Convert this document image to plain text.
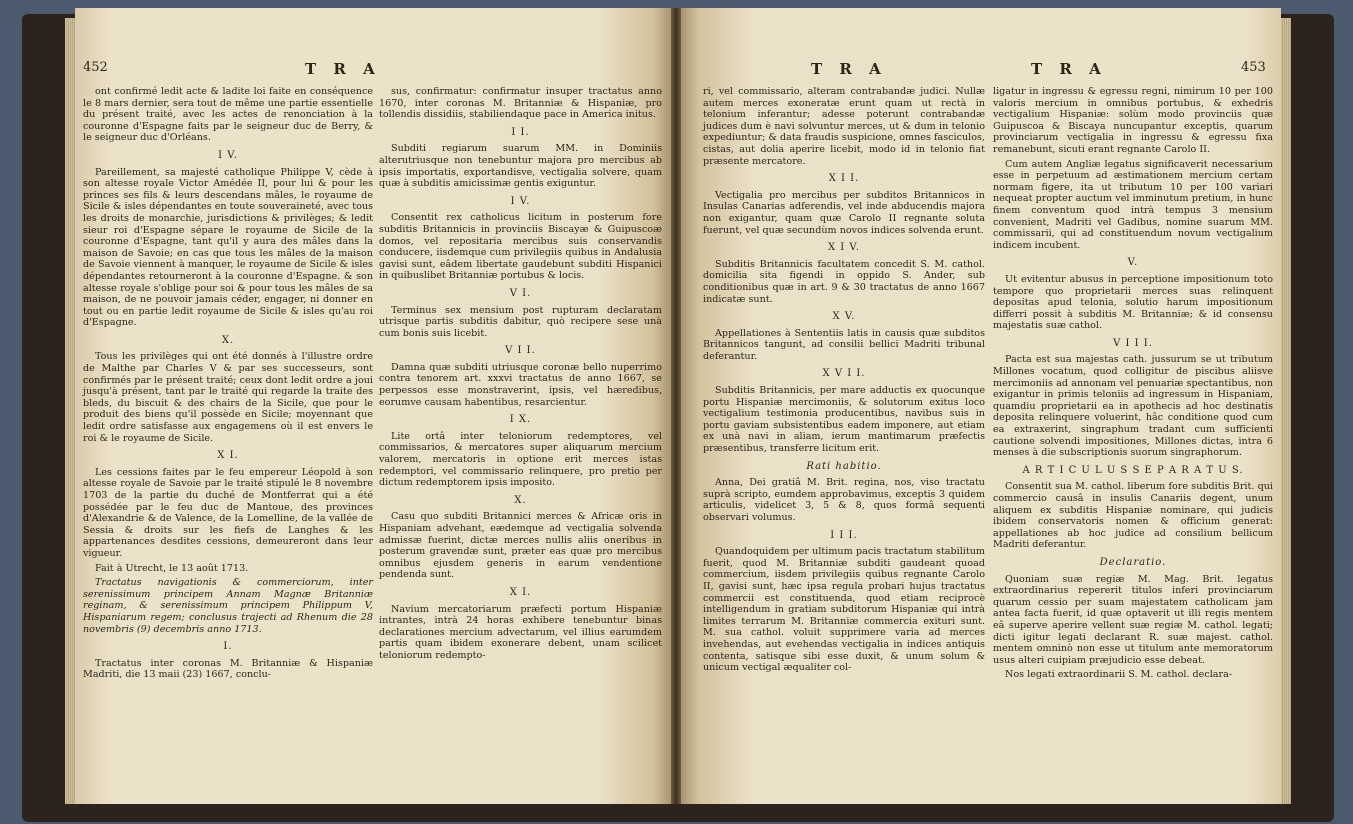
452	T R A

ont confirmé ledit acte & ladite loi faite en conséquence le 8 mars dernier, sera tout de même une partie essentielle du présent traité, avec les actes de renonciation à la couronne d'Espagne faits par le seigneur duc de Berry, & le seigneur duc d'Orléans.

I V.

Pareillement, sa majesté catholique Philippe V, cède à son altesse royale Victor Amédée II, pour lui & pour les princes ses fils & leurs descendans mâles, le royaume de Sicile & isles dépendantes en toute souveraineté, avec tous les droits de monarchie, jurisdictions & privilèges; & ledit sieur roi d'Espagne sépare le royaume de Sicile de la couronne d'Espagne, tant qu'il y aura des mâles dans la maison de Savoie; en cas que tous les mâles de la maison de Savoie viennent à manquer, le royaume de Sicile & isles dépendantes retourneront à la couronne d'Espagne. & son altesse royale s'oblige pour soi & pour tous les mâles de sa maison, de ne pouvoir jamais céder, engager, ni donner en tout ou en partie ledit royaume de Sicile & isles qu'au roi d'Espagne.

X.

Tous les privilèges qui ont été donnés à l'illustre ordre de Malthe par Charles V & par ses successeurs, sont confirmés par le présent traité; ceux dont ledit ordre a joui jusqu'à présent, tant par le traité qui regarde la traite des bleds, du biscuit & des chairs de la Sicile, que pour le produit des biens qu'il possède en Sicile; moyennant que ledit ordre satisfasse aux engagemens où il est envers le roi & le royaume de Sicile.

X I.

Les cessions faites par le feu empereur Léopold à son altesse royale de Savoie par le traité stipulé le 8 novembre 1703 de la partie du duché de Montferrat qui a été possédée par le feu duc de Mantoue, des provinces d'Alexandrie & de Valence, de la Lomelline, de la vallée de Sessia & droits sur les fiefs de Langhes & les appartenances desdites cessions, demeureront dans leur vigueur.

Fait à Utrecht, le 13 août 1713.

Tractatus navigationis & commerciorum, inter serenissimum principem Annam Magnæ Britanniæ reginam, & serenissimum principem Philippum V, Hispaniarum regem; conclusus trajecti ad Rhenum die 28 novembris (9) decembris anno 1713.

I.

Tractatus inter coronas M. Britanniæ & Hispaniæ Madriti, die 13 maii (23) 1667, conclu-

sus, confirmatur: confirmatur insuper tractatus anno 1670, inter coronas M. Britanniæ & Hispaniæ, pro tollendis dissidiis, stabiliendaque pace in America initus.

I I.

Subditi regiarum suarum MM. in Dominiis alterutriusque non tenebuntur majora pro mercibus ab ipsis importatis, exportandisve, vectigalia solvere, quam quæ à subditis amicissimæ gentis exiguntur.

I V.

Consentit rex catholicus licitum in posterum fore subditis Britannicis in provinciis Biscayæ & Guipuscoæ domos, vel repositaria mercibus suis conservandis conducere, iisdemque cum privilegiis quibus in Andalusia gavisi sunt, eâdem libertate gaudebunt subditi Hispanici in quibuslibet Britanniæ portubus & locis.

V I.

Terminus sex mensium post rupturam declaratam utrisque partis subditis dabitur, quò recipere sese unà cum bonis suis licebit.

V I I.

Damna quæ subditi utriusque coronæ bello nuperrimo contra tenorem art. xxxvi tractatus de anno 1667, se perpessos esse monstraverint, ipsis, vel hæredibus, eorumve causam habentibus, resarcientur.

I X.

Lite ortâ inter teloniorum redemptores, vel commissarios, & mercatores super aliquarum mercium valorem, mercatoris in optione erit merces istas redemptori, vel commissario relinquere, pro pretio per dictum redemptorem ipsis imposito.

X.

Casu quo subditi Britannici merces & Africæ oris in Hispaniam advehant, eædemque ad vectigalia solvenda admissæ fuerint, dictæ merces nullis aliis oneribus in posterum gravendæ sunt, præter eas quæ pro mercibus omnibus ejusdem generis in earum vendentione pendenda sunt.

X I.

Navium mercatoriarum præfecti portum Hispaniæ intrantes, intrà 24 horas exhibere tenebuntur binas declarationes mercium advectarum, vel illius earumdem partis quam ibidem exonerare debent, unam scilicet teloniorum redempto-

T R A	T R A	453

ri, vel commissario, alteram contrabandæ judici. Nullæ autem merces exoneratæ erunt quam ut rectà in telonium inferantur; adesse poterunt contrabandæ judices dum è navi solvuntur merces, ut & dum in telonio expediuntur; & data fraudis suspicione, omnes fasciculos, cistas, aut dolia aperire licebit, modo id in telonio fiat præsente mercatore.

X I I.

Vectigalia pro mercibus per subditos Britannicos in Insulas Canarias adferendis, vel inde abducendis majora non exigantur, quam quæ Carolo II regnante soluta fuerunt, vel quæ secundùm novos indices solvenda erunt.

X I V.

Subditis Britannicis facultatem concedit S. M. cathol. domicilia sita figendi in oppido S. Ander, sub conditionibus quæ in art. 9 & 30 tractatus de anno 1667 indicatæ sunt.

X V.

Appellationes à Sententiis latis in causis quæ subditos Britannicos tangunt, ad consilii bellici Madriti tribunal deferantur.

X V I I.

Subditis Britannicis, per mare adductis ex quocunque portu Hispaniæ mercimoniis, & solutorum exitus loco vectigalium testimonia producentibus, navibus suis in portu gaviam subsistentibus eadem imponere, aut etiam ex unà navi in aliam, ierum mantimarum præfectis præsentibus, transferre licitum erit.

Rati habitio.

Anna, Dei gratiâ M. Brit. regina, nos, viso tractatu suprà scripto, eumdem approbavimus, exceptis 3 quidem articulis, videlicet 3, 5 & 8, quos formâ sequenti observari volumus.

I I I.

Quandoquidem per ultimum pacis tractatum stabilitum fuerit, quod M. Britanniæ subditi gaudeant quoad commercium, iisdem privilegiis quibus regnante Carolo II, gavisi sunt, hæc ipsa regula probari hujus tractatus commercii est constituenda, quod etiam reciprocè intelligendum in gratiam subditorum Hispaniæ qui intrà limites terrarum M. Britanniæ commercia exituri sunt. M. sua cathol. voluit supprimere varia ad merces invehendas, aut evehendas vectigalia in indices antiquis contenta, satisque sibi esse duxit, & unum solum & unicum vectigal æqualiter col-

ligatur in ingressu & egressu regni, nimirum 10 per 100 valoris mercium in omnibus portubus, & exhedris vectigalium Hispaniæ: solùm modo provinciis quæ Guipuscoa & Biscaya nuncupantur exceptis, quarum provinciarum vectigalia in ingressu & egressu fixa remanebunt, sicuti erant regnante Carolo II.

Cum autem Angliæ legatus significaverit necessarium esse in perpetuum ad æstimationem mercium certam normam figere, ita ut tributum 10 per 100 variari nequeat propter auctum vel imminutum pretium, in hunc finem conventum quod intrà tempus 3 mensium convenient, Madriti vel Gadibus, nomine suarum MM. commissarii, qui ad constituendum novum vectigalium indicem incubent.

V.

Ut evitentur abusus in perceptione impositionum toto tempore quo proprietarii merces suas relinquent depositas apud telonia, solutio harum impositionum differri possit à subditis M. Britanniæ; & id consensu majestatis suæ cathol.

V I I I.

Pacta est sua majestas cath. jussurum se ut tributum Millones vocatum, quod colligitur de piscibus aliisve mercimoniis ad annonam vel penuariæ spectantibus, non exigantur in primis teloniis ad ingressum in Hispaniam, quamdiu proprietarii ea in apothecis ad hoc destinatis deposita relinquere voluerint, hâc conditione quod cum ea extraxerint, singraphum tradant cum sufficienti cautione solvendi impositiones, Millones dictas, intra 6 menses à die subscriptionis suorum singraphorum.

A R T I C U L U S S E P A R A T U S.

Consentit sua M. cathol. liberum fore subditis Brit. qui commercio causâ in insulis Canariis degent, unum aliquem ex subditis Hispaniæ nominare, qui judicis ibidem conservatoris nomen & officium generat: appellationes ab hoc judice ad consilium bellicum Madriti deferantur.

Declaratio.

Quoniam suæ regiæ M. Mag. Brit. legatus extraordinarius repererit titulos inferi provinciarum quarum cessio per suam majestatem catholicam jam antea facta fuerit, id quæ optaverit ut illi regis mentem eâ superve aperire vellent suæ regiæ M. cathol. legati; dicti igitur legati declarant R. suæ majest. cathol. mentem omninò non esse ut titulum ante memoratorum usus alteri cuipiam præjudicio esse debeat.

Nos legati extraordinarii S. M. cathol. declara-
